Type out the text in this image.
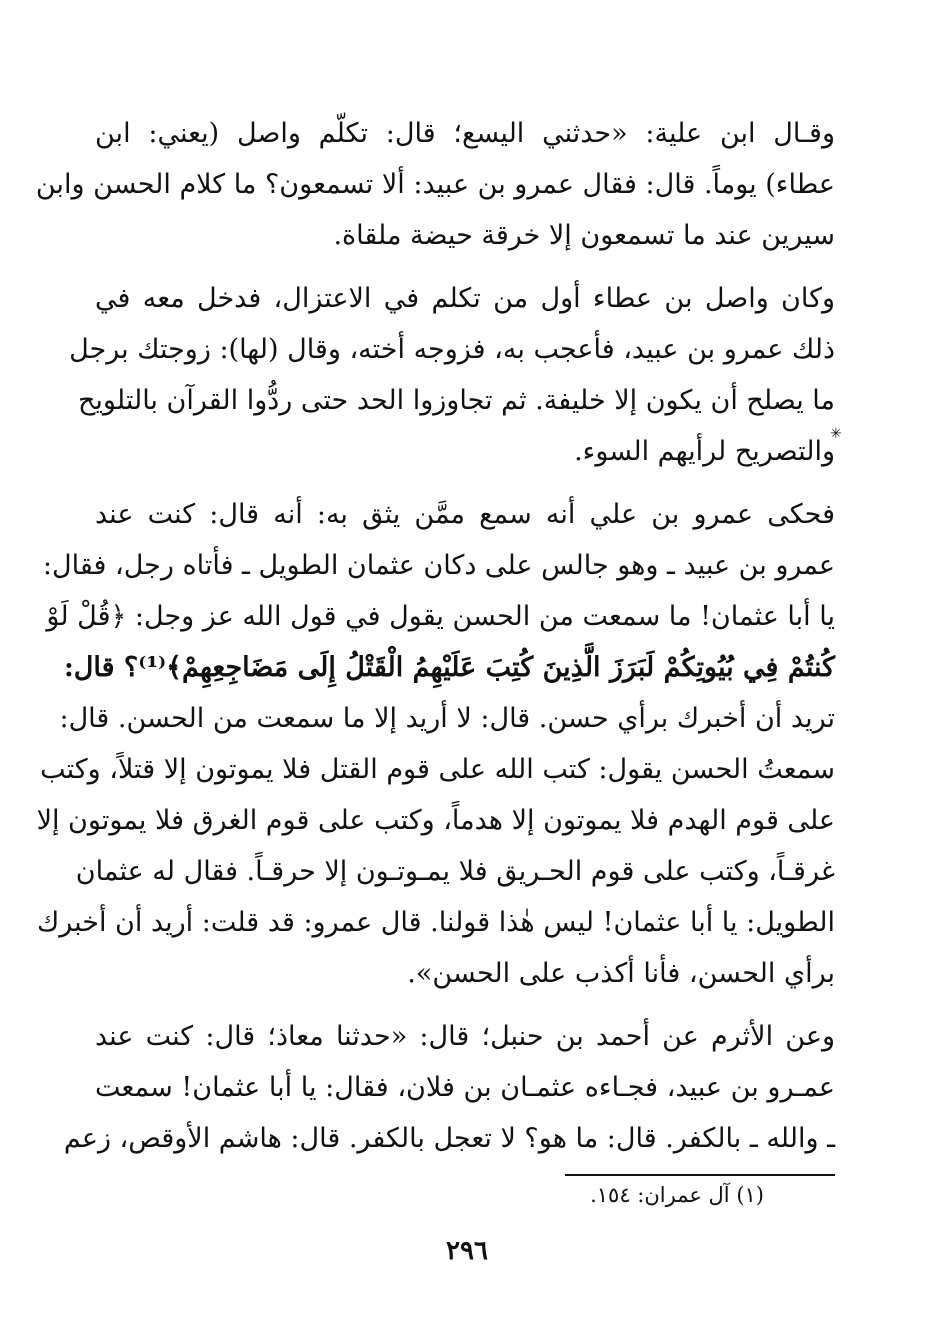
وقـال ابن علية: «حدثني اليسع؛ قال: تكلّم واصل (يعني: ابن
عطاء) يوماً. قال: فقال عمرو بن عبيد: ألا تسمعون؟ ما كلام الحسن وابن
سيرين عند ما تسمعون إلا خرقة حيضة ملقاة.

وكان واصل بن عطاء أول من تكلم في الاعتزال، فدخل معه في
ذلك عمرو بن عبيد، فأعجب به، فزوجه أخته، وقال (لها): زوجتك برجل
ما يصلح أن يكون إلا خليفة. ثم تجاوزوا الحد حتى ردُّوا القرآن بالتلويح
والتصريح لرأيهم السوء.

فحكى عمرو بن علي أنه سمع ممَّن يثق به: أنه قال: كنت عند
عمرو بن عبيد ـ وهو جالس على دكان عثمان الطويل ـ فأتاه رجل، فقال:
يا أبا عثمان! ما سمعت من الحسن يقول في قول الله عز وجل: ﴿قُلْ لَوْ
كُنتُمْ فِي بُيُوتِكُمْ لَبَرَزَ الَّذِينَ كُتِبَ عَلَيْهِمُ الْقَتْلُ إِلَى مَضَاجِعِهِمْ﴾⁽¹⁾؟ قال:
تريد أن أخبرك برأي حسن. قال: لا أريد إلا ما سمعت من الحسن. قال:
سمعتُ الحسن يقول: كتب الله على قوم القتل فلا يموتون إلا قتلاً، وكتب
على قوم الهدم فلا يموتون إلا هدماً، وكتب على قوم الغرق فلا يموتون إلا
غرقـاً، وكتب على قوم الحـريق فلا يمـوتـون إلا حرقـاً. فقال له عثمان
الطويل: يا أبا عثمان! ليس هٰذا قولنا. قال عمرو: قد قلت: أريد أن أخبرك
برأي الحسن، فأنا أكذب على الحسن».

وعن الأثرم عن أحمد بن حنبل؛ قال: «حدثنا معاذ؛ قال: كنت عند
عمـرو بن عبيد، فجـاءه عثمـان بن فلان، فقال: يا أبا عثمان! سمعت
ـ والله ـ بالكفر. قال: ما هو؟ لا تعجل بالكفر. قال: هاشم الأوقص، زعم

✳
(١) آل عمران: ١٥٤.
٢٩٦
